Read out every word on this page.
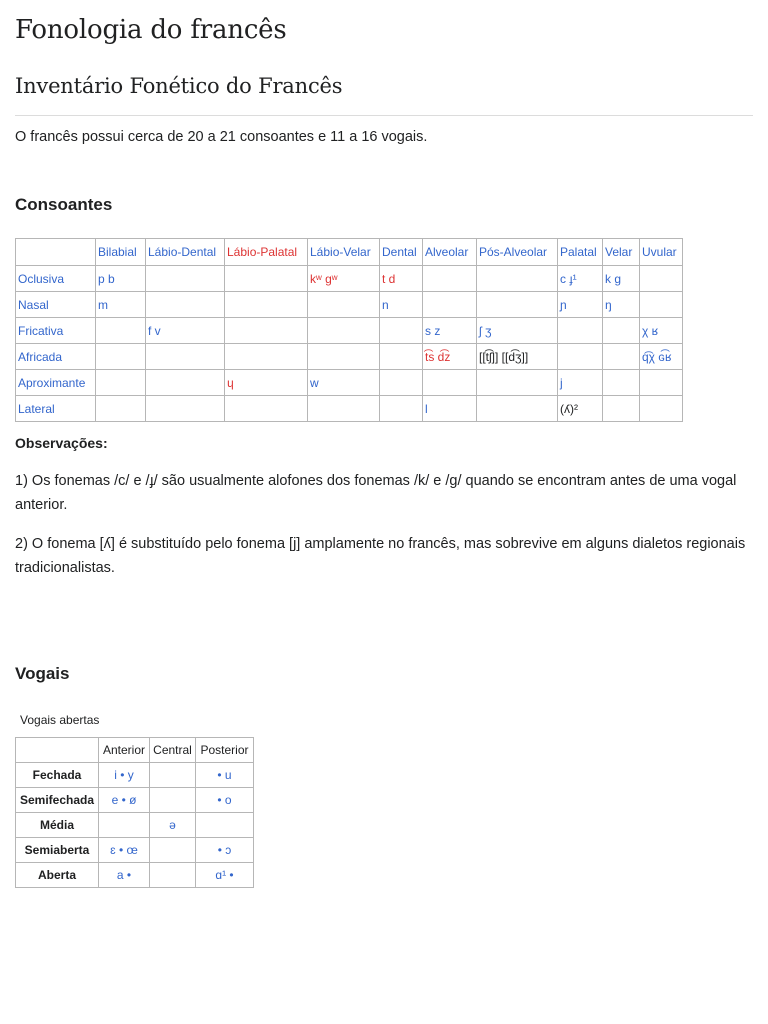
Fonologia do francês
Inventário Fonético do Francês

O francês possui cerca de 20 a 21 consoantes e 11 a 16 vogais.

Consoantes
	Bilabial	Lábio-Dental	Lábio-Palatal	Lábio-Velar	Dental	Alveolar	Pós-Alveolar	Palatal	Velar	Uvular
Oclusiva	p b			kʷ gʷ	t d			c ɟ¹	k g	
Nasal	m				n			ɲ	ŋ	
Fricativa		f v				s z	ʃ ʒ			χ ʁ
Africada						t͡s d͡z	[[t͡ʃ]] [[d͡ʒ]]			q͡χ ɢ͡ʁ
Aproximante			ɥ	w				j		
Lateral						l		(ʎ)²		

Observações:

1) Os fonemas /c/ e /ɟ/ são usualmente alofones dos fonemas /k/ e /g/ quando se encontram antes de uma vogal anterior.

2) O fonema [ʎ] é substituído pelo fonema [j] amplamente no francês, mas sobrevive em alguns dialetos regionais tradicionalistas.

Vogais

Vogais abertas

	Anterior	Central	Posterior
Fechada	i • y		• u
Semifechada	e • ø		• o
Média		ə	
Semiaberta	ɛ • œ		• ɔ
Aberta	a •		ɑ¹ •
